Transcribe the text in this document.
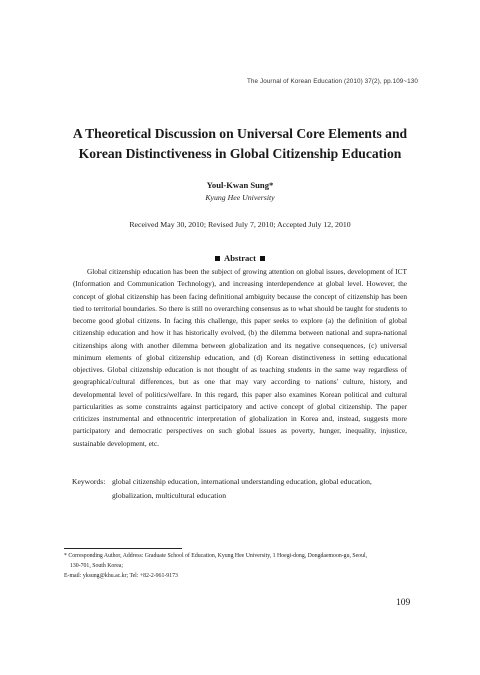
The Journal of Korean Education (2010) 37(2), pp.109~130
A Theoretical Discussion on Universal Core Elements and
Korean Distinctiveness in Global Citizenship Education
Youl-Kwan Sung*
Kyung Hee University
Received May 30, 2010; Revised July 7, 2010; Accepted July 12, 2010
Abstract

Global citizenship education has been the subject of growing attention on global issues, development of ICT (Information and Communication Technology), and increasing interdependence at global level. However, the concept of global citizenship has been facing definitional ambiguity because the concept of citizenship has been tied to territorial boundaries. So there is still no overarching consensus as to what should be taught for students to become good global citizens. In facing this challenge, this paper seeks to explore (a) the definition of global citizenship education and how it has historically evolved, (b) the dilemma between national and supra-national citizenships along with another dilemma between globalization and its negative consequences, (c) universal minimum elements of global citizenship education, and (d) Korean distinctiveness in setting educational objectives. Global citizenship education is not thought of as teaching students in the same way regardless of geographical/cultural differences, but as one that may vary according to nations' culture, history, and developmental level of politics/welfare. In this regard, this paper also examines Korean political and cultural particularities as some constraints against participatory and active concept of global citizenship. The paper criticizes instrumental and ethnocentric interpretation of globalization in Korea and, instead, suggests more participatory and democratic perspectives on such global issues as poverty, hunger, inequality, injustice, sustainable development, etc.

Keywords: global citizenship education, international understanding education, global education,
globalization, multicultural education
* Corresponding Author, Address: Graduate School of Education, Kyung Hee University, 1 Hoegi-dong, Dongdaemoon-gu, Seoul,
130-701, South Korea;
E-mail: yksung@khu.ac.kr; Tel: +82-2-961-9173
109
